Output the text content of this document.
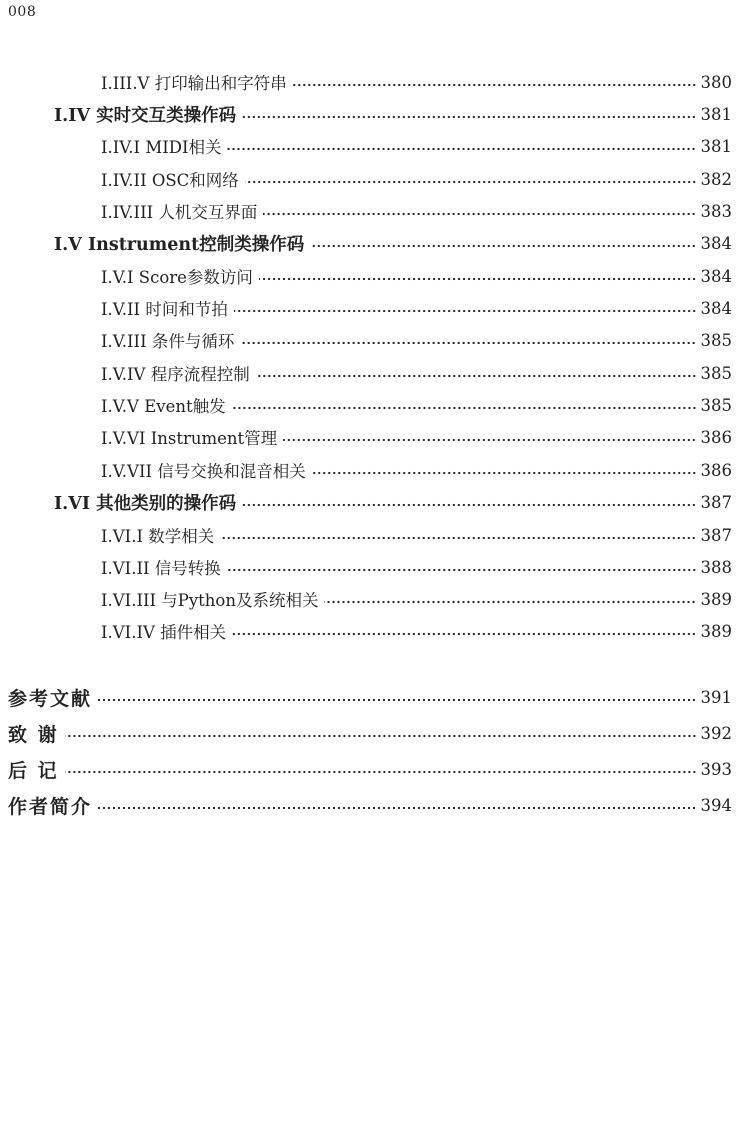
008
I.III.V 打印输出和字符串	380
I.IV 实时交互类操作码	381
I.IV.I MIDI相关	381
I.IV.II OSC和网络	382
I.IV.III 人机交互界面	383
I.V Instrument控制类操作码	384
I.V.I Score参数访问	384
I.V.II 时间和节拍	384
I.V.III 条件与循环	385
I.V.IV 程序流程控制	385
I.V.V Event触发	385
I.V.VI Instrument管理	386
I.V.VII 信号交换和混音相关	386
I.VI 其他类别的操作码	387
I.VI.I 数学相关	387
I.VI.II 信号转换	388
I.VI.III 与Python及系统相关	389
I.VI.IV 插件相关	389
参考文献	391
致 谢	392
后 记	393
作者简介	394
